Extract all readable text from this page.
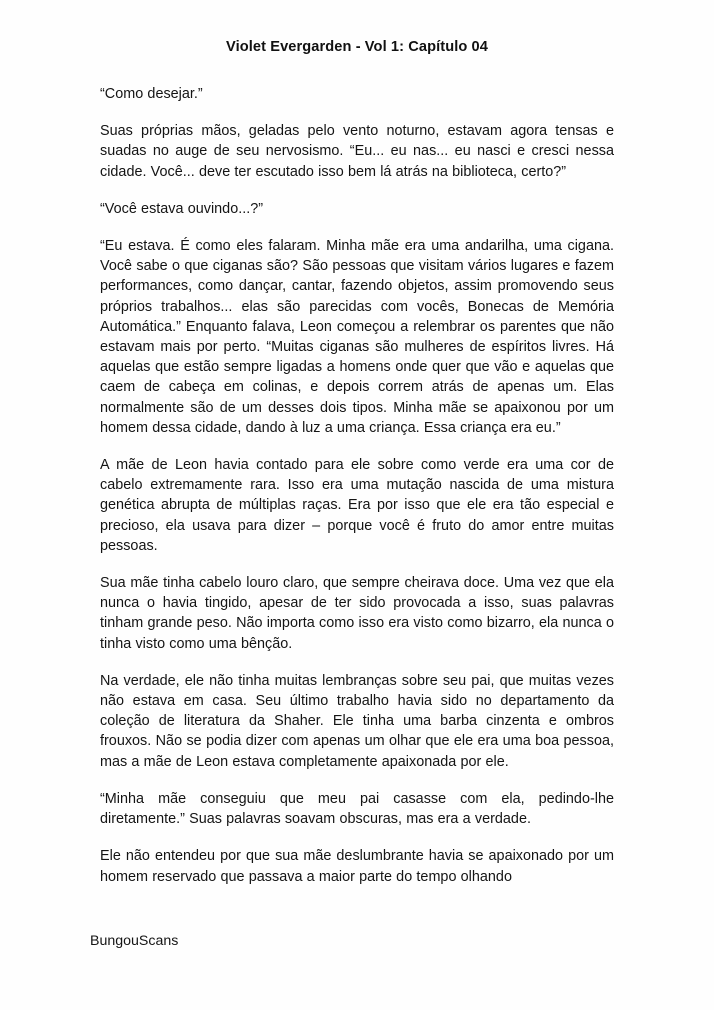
Violet Evergarden - Vol 1: Capítulo 04

“Como desejar.”

Suas próprias mãos, geladas pelo vento noturno, estavam agora tensas e suadas no auge de seu nervosismo. “Eu... eu nas... eu nasci e cresci nessa cidade. Você... deve ter escutado isso bem lá atrás na biblioteca, certo?”

“Você estava ouvindo...?”

“Eu estava. É como eles falaram. Minha mãe era uma andarilha, uma cigana. Você sabe o que ciganas são? São pessoas que visitam vários lugares e fazem performances, como dançar, cantar, fazendo objetos, assim promovendo seus próprios trabalhos... elas são parecidas com vocês, Bonecas de Memória Automática.” Enquanto falava, Leon começou a relembrar os parentes que não estavam mais por perto. “Muitas ciganas são mulheres de espíritos livres. Há aquelas que estão sempre ligadas a homens onde quer que vão e aquelas que caem de cabeça em colinas, e depois correm atrás de apenas um. Elas normalmente são de um desses dois tipos. Minha mãe se apaixonou por um homem dessa cidade, dando à luz a uma criança. Essa criança era eu.”

A mãe de Leon havia contado para ele sobre como verde era uma cor de cabelo extremamente rara. Isso era uma mutação nascida de uma mistura genética abrupta de múltiplas raças. Era por isso que ele era tão especial e precioso, ela usava para dizer – porque você é fruto do amor entre muitas pessoas.

Sua mãe tinha cabelo louro claro, que sempre cheirava doce. Uma vez que ela nunca o havia tingido, apesar de ter sido provocada a isso, suas palavras tinham grande peso. Não importa como isso era visto como bizarro, ela nunca o tinha visto como uma bênção.

Na verdade, ele não tinha muitas lembranças sobre seu pai, que muitas vezes não estava em casa. Seu último trabalho havia sido no departamento da coleção de literatura da Shaher. Ele tinha uma barba cinzenta e ombros frouxos. Não se podia dizer com apenas um olhar que ele era uma boa pessoa, mas a mãe de Leon estava completamente apaixonada por ele.

“Minha mãe conseguiu que meu pai casasse com ela, pedindo-lhe diretamente.” Suas palavras soavam obscuras, mas era a verdade.

Ele não entendeu por que sua mãe deslumbrante havia se apaixonado por um homem reservado que passava a maior parte do tempo olhando

BungouScans
